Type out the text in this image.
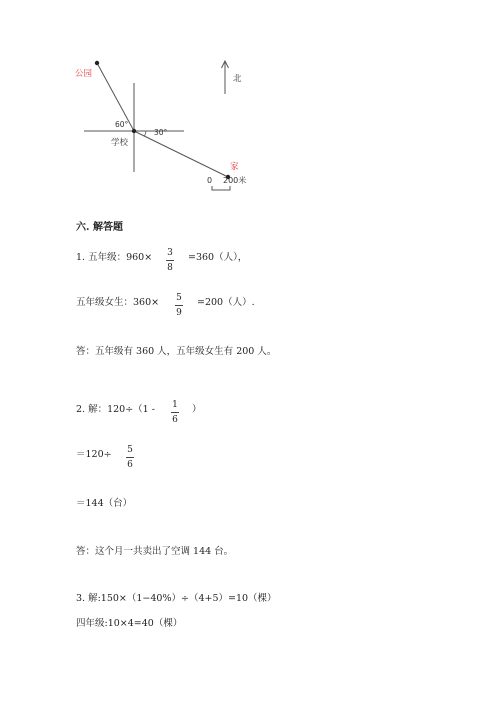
公园
60°
30°
学校
家
北
0 200米
六. 解答题
1. 五年级：960×	3
8
=360（人），
五年级女生：360×	5
9
=200（人）.
答：五年级有 360 人，五年级女生有 200 人。
2. 解：120÷（1 -	1
6
）
＝120÷	5
6
＝144（台）
答：这个月一共卖出了空调 144 台。
3. 解:150×（1−40%）÷（4+5）=10（棵）
四年级:10×4=40（棵）
